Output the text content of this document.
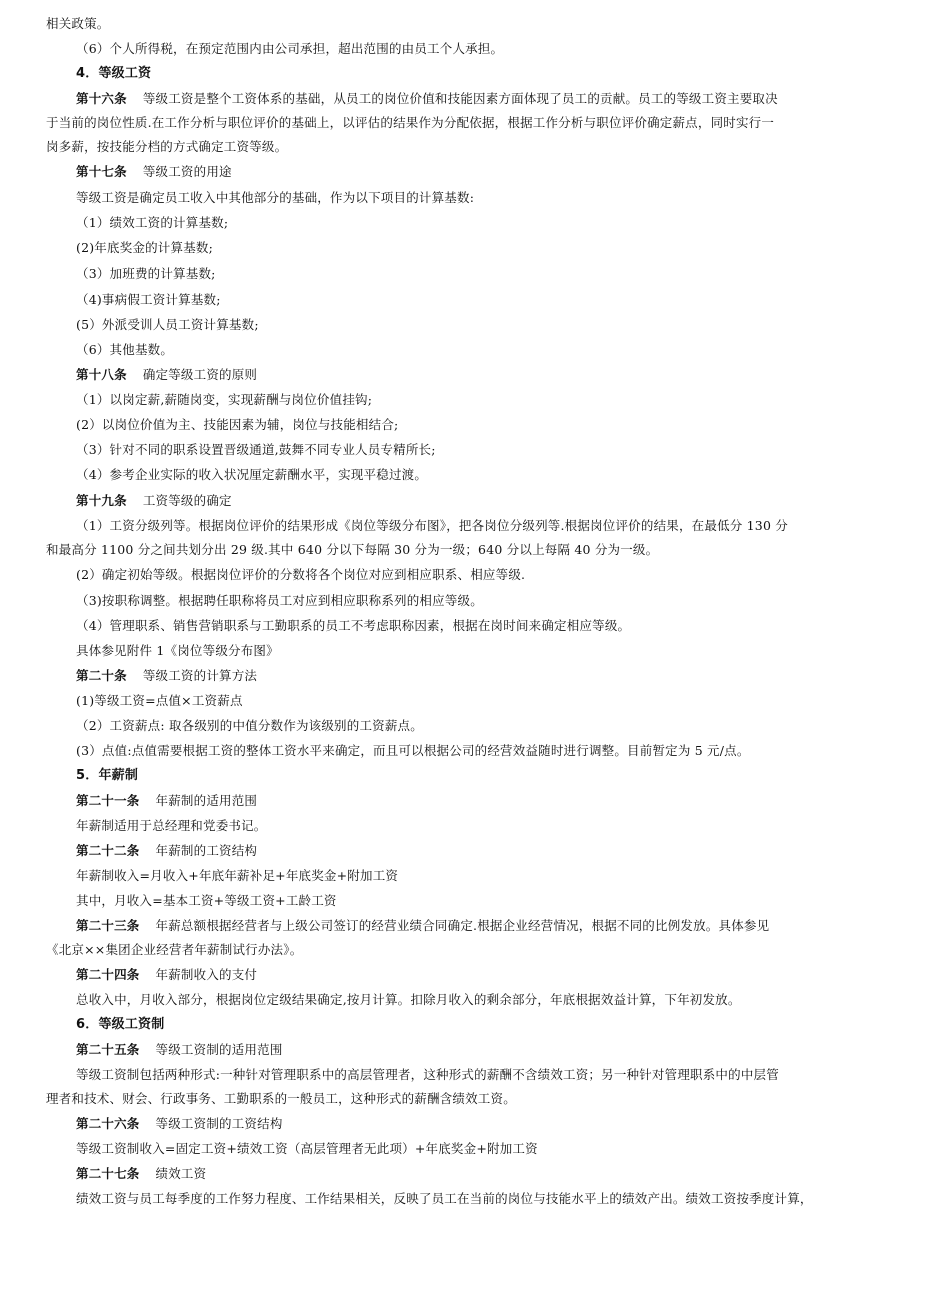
相关政策。
（6）个人所得税，在预定范围内由公司承担，超出范围的由员工个人承担。
4．等级工资
第十六条 等级工资是整个工资体系的基础，从员工的岗位价值和技能因素方面体现了员工的贡献。员工的等级工资主要取决
于当前的岗位性质.在工作分析与职位评价的基础上，以评估的结果作为分配依据，根据工作分析与职位评价确定薪点，同时实行一
岗多薪，按技能分档的方式确定工资等级。
第十七条 等级工资的用途
等级工资是确定员工收入中其他部分的基础，作为以下项目的计算基数:
（1）绩效工资的计算基数;
(2)年底奖金的计算基数;
（3）加班费的计算基数;
（4)事病假工资计算基数;
(5）外派受训人员工资计算基数;
（6）其他基数。
第十八条 确定等级工资的原则
（1）以岗定薪,薪随岗变，实现薪酬与岗位价值挂钩;
(2）以岗位价值为主、技能因素为辅，岗位与技能相结合;
（3）针对不同的职系设置晋级通道,鼓舞不同专业人员专精所长;
（4）参考企业实际的收入状况厘定薪酬水平，实现平稳过渡。
第十九条 工资等级的确定
（1）工资分级列等。根据岗位评价的结果形成《岗位等级分布图》，把各岗位分级列等.根据岗位评价的结果，在最低分 130 分
和最高分 1100 分之间共划分出 29 级.其中 640 分以下每隔 30 分为一级；640 分以上每隔 40 分为一级。
(2）确定初始等级。根据岗位评价的分数将各个岗位对应到相应职系、相应等级.
（3)按职称调整。根据聘任职称将员工对应到相应职称系列的相应等级。
（4）管理职系、销售营销职系与工勤职系的员工不考虑职称因素，根据在岗时间来确定相应等级。
具体参见附件 1《岗位等级分布图》
第二十条 等级工资的计算方法
(1)等级工资=点值×工资薪点
（2）工资薪点: 取各级别的中值分数作为该级别的工资薪点。
(3）点值:点值需要根据工资的整体工资水平来确定，而且可以根据公司的经营效益随时进行调整。目前暂定为 5 元/点。
5．年薪制
第二十一条 年薪制的适用范围
年薪制适用于总经理和党委书记。
第二十二条 年薪制的工资结构
年薪制收入=月收入+年底年薪补足+年底奖金+附加工资
其中，月收入=基本工资+等级工资+工龄工资
第二十三条 年薪总额根据经营者与上级公司签订的经营业绩合同确定.根据企业经营情况，根据不同的比例发放。具体参见
《北京××集团企业经营者年薪制试行办法》。
第二十四条 年薪制收入的支付
总收入中，月收入部分，根据岗位定级结果确定,按月计算。扣除月收入的剩余部分，年底根据效益计算，下年初发放。
6．等级工资制
第二十五条 等级工资制的适用范围
等级工资制包括两种形式:一种针对管理职系中的高层管理者，这种形式的薪酬不含绩效工资；另一种针对管理职系中的中层管
理者和技术、财会、行政事务、工勤职系的一般员工，这种形式的薪酬含绩效工资。
第二十六条 等级工资制的工资结构
等级工资制收入=固定工资+绩效工资（高层管理者无此项）+年底奖金+附加工资
第二十七条 绩效工资
绩效工资与员工每季度的工作努力程度、工作结果相关，反映了员工在当前的岗位与技能水平上的绩效产出。绩效工资按季度计算，
